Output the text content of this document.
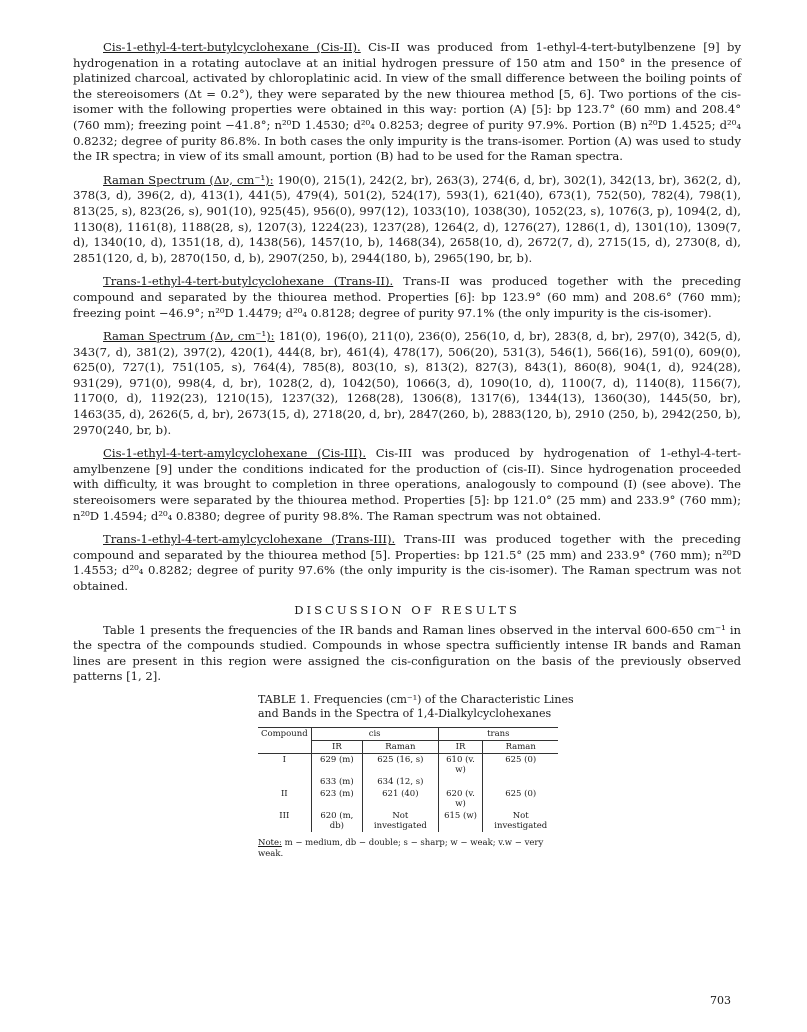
Cis-1-ethyl-4-tert-butylcyclohexane (Cis-II). Cis-II was produced from 1-ethyl-4-tert-butylbenzene [9] by hydrogenation in a rotating autoclave at an initial hydrogen pressure of 150 atm and 150° in the presence of platinized charcoal, activated by chloroplatinic acid. In view of the small difference between the boiling points of the stereoisomers (Δt = 0.2°), they were separated by the new thiourea method [5, 6]. Two portions of the cis-isomer with the following properties were obtained in this way: portion (A) [5]: bp 123.7° (60 mm) and 208.4° (760 mm); freezing point −41.8°; n²⁰D 1.4530; d²⁰₄ 0.8253; degree of purity 97.9%. Portion (B) n²⁰D 1.4525; d²⁰₄ 0.8232; degree of purity 86.8%. In both cases the only impurity is the trans-isomer. Portion (A) was used to study the IR spectra; in view of its small amount, portion (B) had to be used for the Raman spectra.

Raman Spectrum (Δν, cm⁻¹): 190(0), 215(1), 242(2, br), 263(3), 274(6, d, br), 302(1), 342(13, br), 362(2, d), 378(3, d), 396(2, d), 413(1), 441(5), 479(4), 501(2), 524(17), 593(1), 621(40), 673(1), 752(50), 782(4), 798(1), 813(25, s), 823(26, s), 901(10), 925(45), 956(0), 997(12), 1033(10), 1038(30), 1052(23, s), 1076(3, p), 1094(2, d), 1130(8), 1161(8), 1188(28, s), 1207(3), 1224(23), 1237(28), 1264(2, d), 1276(27), 1286(1, d), 1301(10), 1309(7, d), 1340(10, d), 1351(18, d), 1438(56), 1457(10, b), 1468(34), 2658(10, d), 2672(7, d), 2715(15, d), 2730(8, d), 2851(120, d, b), 2870(150, d, b), 2907(250, b), 2944(180, b), 2965(190, br, b).

Trans-1-ethyl-4-tert-butylcyclohexane (Trans-II). Trans-II was produced together with the preceding compound and separated by the thiourea method. Properties [6]: bp 123.9° (60 mm) and 208.6° (760 mm); freezing point −46.9°; n²⁰D 1.4479; d²⁰₄ 0.8128; degree of purity 97.1% (the only impurity is the cis-isomer).

Raman Spectrum (Δν, cm⁻¹): 181(0), 196(0), 211(0), 236(0), 256(10, d, br), 283(8, d, br), 297(0), 342(5, d), 343(7, d), 381(2), 397(2), 420(1), 444(8, br), 461(4), 478(17), 506(20), 531(3), 546(1), 566(16), 591(0), 609(0), 625(0), 727(1), 751(105, s), 764(4), 785(8), 803(10, s), 813(2), 827(3), 843(1), 860(8), 904(1, d), 924(28), 931(29), 971(0), 998(4, d, br), 1028(2, d), 1042(50), 1066(3, d), 1090(10, d), 1100(7, d), 1140(8), 1156(7), 1170(0, d), 1192(23), 1210(15), 1237(32), 1268(28), 1306(8), 1317(6), 1344(13), 1360(30), 1445(50, br), 1463(35, d), 2626(5, d, br), 2673(15, d), 2718(20, d, br), 2847(260, b), 2883(120, b), 2910 (250, b), 2942(250, b), 2970(240, br, b).

Cis-1-ethyl-4-tert-amylcyclohexane (Cis-III). Cis-III was produced by hydrogenation of 1-ethyl-4-tert-amylbenzene [9] under the conditions indicated for the production of (cis-II). Since hydrogenation proceeded with difficulty, it was brought to completion in three operations, analogously to compound (I) (see above). The stereoisomers were separated by the thiourea method. Properties [5]: bp 121.0° (25 mm) and 233.9° (760 mm); n²⁰D 1.4594; d²⁰₄ 0.8380; degree of purity 98.8%. The Raman spectrum was not obtained.

Trans-1-ethyl-4-tert-amylcyclohexane (Trans-III). Trans-III was produced together with the preceding compound and separated by the thiourea method [5]. Properties: bp 121.5° (25 mm) and 233.9° (760 mm); n²⁰D 1.4553; d²⁰₄ 0.8282; degree of purity 97.6% (the only impurity is the cis-isomer). The Raman spectrum was not obtained.

DISCUSSION OF RESULTS

Table 1 presents the frequencies of the IR bands and Raman lines observed in the interval 600-650 cm⁻¹ in the spectra of the compounds studied. Compounds in whose spectra sufficiently intense IR bands and Raman lines are present in this region were assigned the cis-configuration on the basis of the previously observed patterns [1, 2].

TABLE 1. Frequencies (cm⁻¹) of the Characteristic Lines and Bands in the Spectra of 1,4-Dialkylcyclohexanes
Compound	cis		trans	
	IR	Raman	IR	Raman
I	629 (m)	625 (16, s)	610 (v. w)	625 (0)
	633 (m)	634 (12, s)		
II	623 (m)	621 (40)	620 (v. w)	625 (0)
III	620 (m, db)	Not investigated	615 (w)	Not investigated
Note: m − medium, db − double; s − sharp; w − weak; v.w − very weak.
703
